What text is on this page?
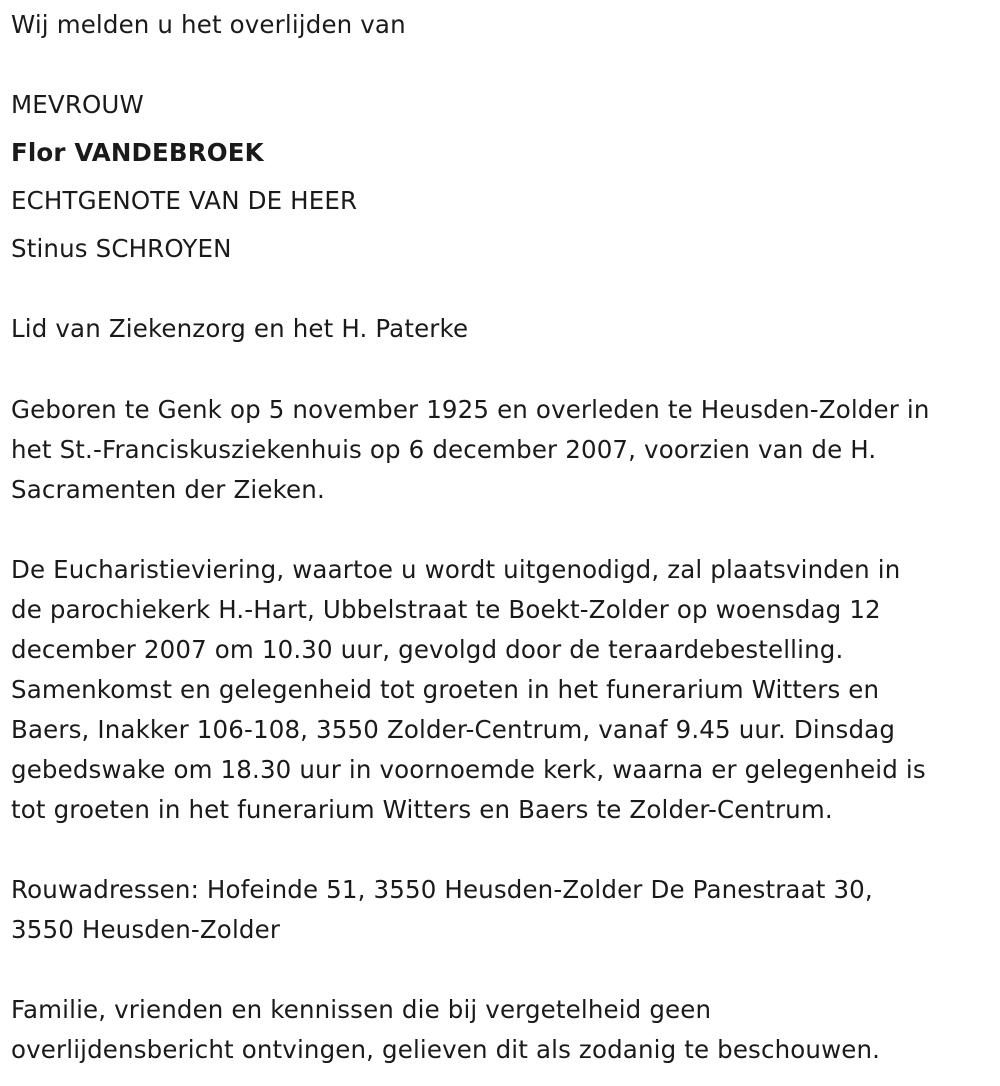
Wij melden u het overlijden van

MEVROUW

Flor VANDEBROEK

ECHTGENOTE VAN DE HEER

Stinus SCHROYEN

Lid van Ziekenzorg en het H. Paterke

Geboren te Genk op 5 november 1925 en overleden te Heusden-Zolder in

het St.-Franciskusziekenhuis op 6 december 2007, voorzien van de H.

Sacramenten der Zieken.

De Eucharistieviering, waartoe u wordt uitgenodigd, zal plaatsvinden in

de parochiekerk H.-Hart, Ubbelstraat te Boekt-Zolder op woensdag 12

december 2007 om 10.30 uur, gevolgd door de teraardebestelling.

Samenkomst en gelegenheid tot groeten in het funerarium Witters en

Baers, Inakker 106-108, 3550 Zolder-Centrum, vanaf 9.45 uur. Dinsdag

gebedswake om 18.30 uur in voornoemde kerk, waarna er gelegenheid is

tot groeten in het funerarium Witters en Baers te Zolder-Centrum.

Rouwadressen: Hofeinde 51, 3550 Heusden-Zolder De Panestraat 30,

3550 Heusden-Zolder

Familie, vrienden en kennissen die bij vergetelheid geen

overlijdensbericht ontvingen, gelieven dit als zodanig te beschouwen.
